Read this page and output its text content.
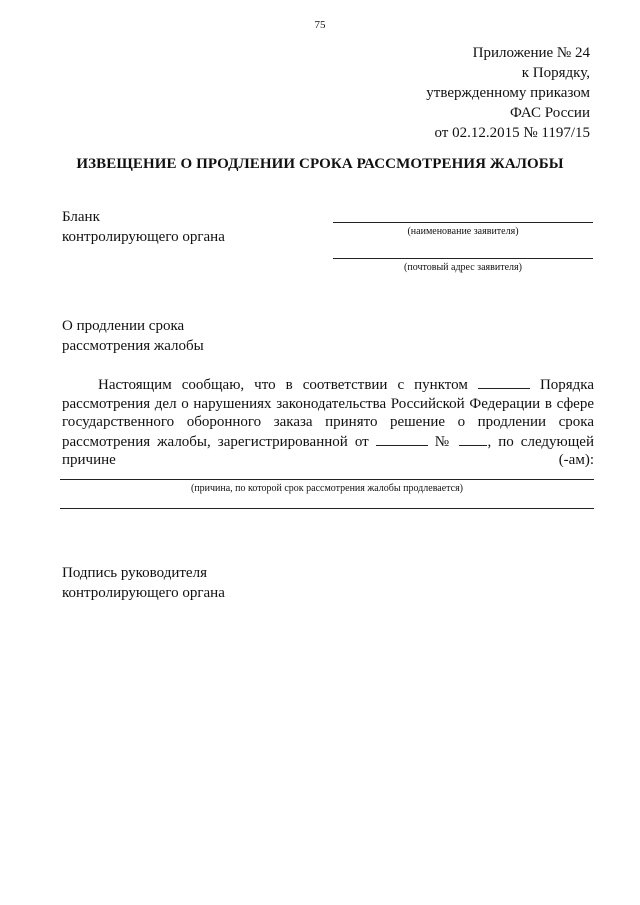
75
Приложение № 24
к Порядку,
утвержденному приказом
ФАС России
от 02.12.2015 № 1197/15
ИЗВЕЩЕНИЕ О ПРОДЛЕНИИ СРОКА РАССМОТРЕНИЯ ЖАЛОБЫ
Бланк
контролирующего органа	(наименование заявителя)
(почтовый адрес заявителя)
О продлении срока
рассмотрения жалобы
Настоящим сообщаю, что в соответствии с пунктом	Порядка
рассмотрения дел о нарушениях законодательства Российской Федерации в сфере
государственного оборонного заказа принято решение о продлении срока
рассмотрения жалобы, зарегистрированной от	№ , по следующей
причине	(-ам):
(причина, по которой срок рассмотрения жалобы продлевается)
Подпись руководителя
контролирующего органа
